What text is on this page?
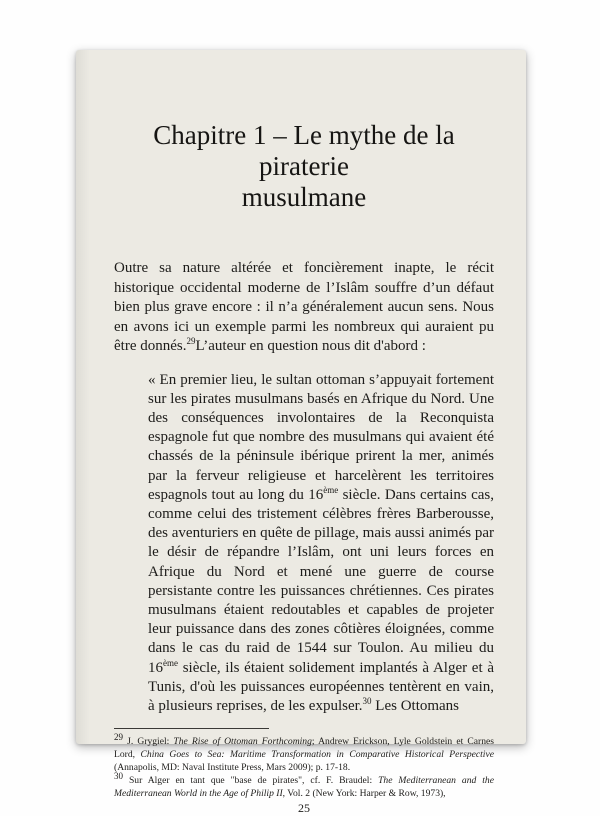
Chapitre 1 – Le mythe de la piraterie
musulmane

Outre sa nature altérée et foncièrement inapte, le récit historique occidental moderne de l’Islâm souffre d’un défaut bien plus grave encore : il n’a généralement aucun sens. Nous en avons ici un exemple parmi les nombreux qui auraient pu être donnés.$^{29}$L’auteur en question nous dit d'abord :

« En premier lieu, le sultan ottoman s’appuyait fortement sur les pirates musulmans basés en Afrique du Nord. Une des conséquences involontaires de la Reconquista espagnole fut que nombre des musulmans qui avaient été chassés de la péninsule ibérique prirent la mer, animés par la ferveur religieuse et harcelèrent les territoires espagnols tout au long du 16ème siècle. Dans certains cas, comme celui des tristement célèbres frères Barberousse, des aventuriers en quête de pillage, mais aussi animés par le désir de répandre l’Islâm, ont uni leurs forces en Afrique du Nord et mené une guerre de course persistante contre les puissances chrétiennes. Ces pirates musulmans étaient redoutables et capables de projeter leur puissance dans des zones côtières éloignées, comme dans le cas du raid de 1544 sur Toulon. Au milieu du 16ème siècle, ils étaient solidement implantés à Alger et à Tunis, d'où les puissances européennes tentèrent en vain, à plusieurs reprises, de les expulser.$^{30}$ Les Ottomans

$^{29}$ J. Grygiel: The Rise of Ottoman Forthcoming; Andrew Erickson, Lyle Goldstein et Carnes Lord, China Goes to Sea: Maritime Transformation in Comparative Historical Perspective (Annapolis, MD: Naval Institute Press, Mars 2009); p. 17-18.

$^{30}$ Sur Alger en tant que "base de pirates", cf. F. Braudel: The Mediterranean and the Mediterranean World in the Age of Philip II, Vol. 2 (New York: Harper & Row, 1973),

25
